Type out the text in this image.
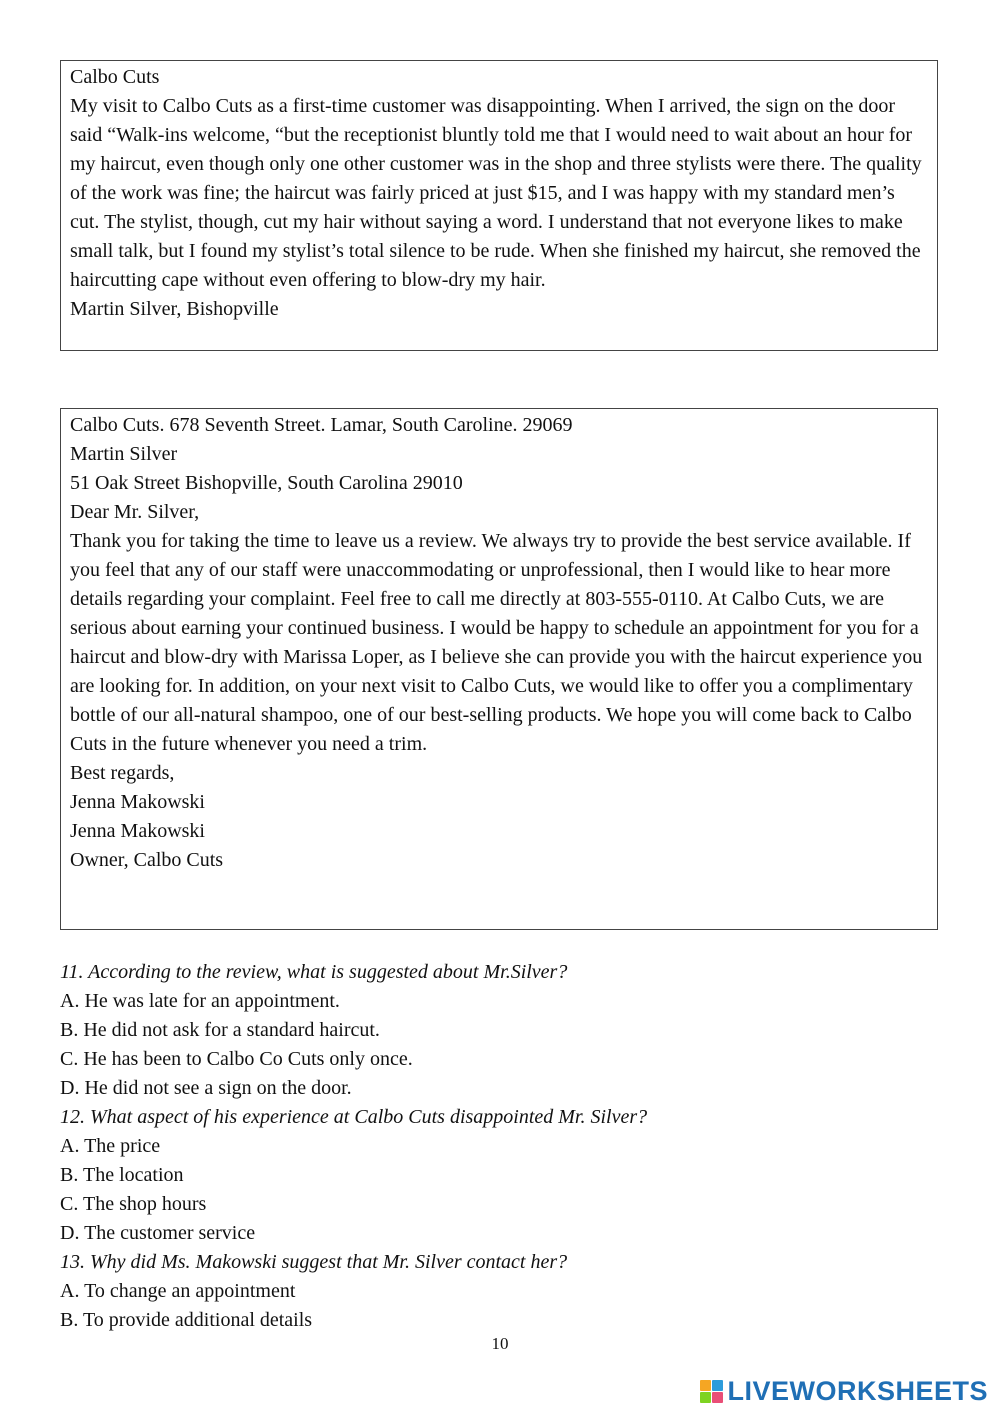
Calbo Cuts

My visit to Calbo Cuts as a first-time customer was disappointing. When I arrived, the sign on the door said “Walk-ins welcome, “but the receptionist bluntly told me that I would need to wait about an hour for my haircut, even though only one other customer was in the shop and three stylists were there. The quality of the work was fine; the haircut was fairly priced at just $15, and I was happy with my standard men’s cut. The stylist, though, cut my hair without saying a word. I understand that not everyone likes to make small talk, but I found my stylist’s total silence to be rude. When she finished my haircut, she removed the haircutting cape without even offering to blow-dry my hair.

Martin Silver, Bishopville

Calbo Cuts. 678 Seventh Street. Lamar, South Caroline. 29069

Martin Silver

51 Oak Street Bishopville, South Carolina 29010

Dear Mr. Silver,

Thank you for taking the time to leave us a review. We always try to provide the best service available. If you feel that any of our staff were unaccommodating or unprofessional, then I would like to hear more details regarding your complaint. Feel free to call me directly at 803-555-0110. At Calbo Cuts, we are serious about earning your continued business. I would be happy to schedule an appointment for you for a haircut and blow-dry with Marissa Loper, as I believe she can provide you with the haircut experience you are looking for. In addition, on your next visit to Calbo Cuts, we would like to offer you a complimentary bottle of our all-natural shampoo, one of our best-selling products. We hope you will come back to Calbo Cuts in the future whenever you need a trim.

Best regards,

Jenna Makowski

Jenna Makowski

Owner, Calbo Cuts

11. According to the review, what is suggested about Mr.Silver?

A. He was late for an appointment.

B. He did not ask for a standard haircut.

C. He has been to Calbo Co Cuts only once.

D. He did not see a sign on the door.

12. What aspect of his experience at Calbo Cuts disappointed Mr. Silver?

A. The price

B. The location

C. The shop hours

D. The customer service

13. Why did Ms. Makowski suggest that Mr. Silver contact her?

A. To change an appointment

B. To provide additional details

10
LIVEWORKSHEETS
